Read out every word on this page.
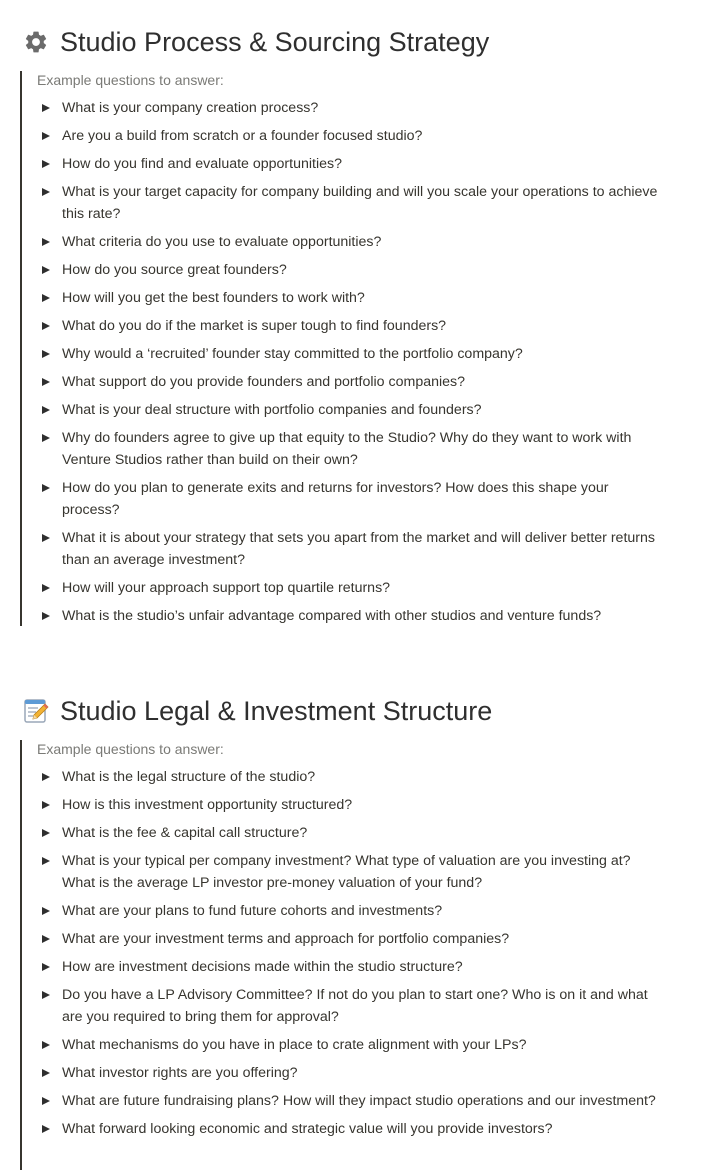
Studio Process & Sourcing Strategy
Example questions to answer:
What is your company creation process?
Are you a build from scratch or a founder focused studio?
How do you find and evaluate opportunities?
What is your target capacity for company building and will you scale your operations to achieve this rate?
What criteria do you use to evaluate opportunities?
How do you source great founders?
How will you get the best founders to work with?
What do you do if the market is super tough to find founders?
Why would a ‘recruited’ founder stay committed to the portfolio company?
What support do you provide founders and portfolio companies?
What is your deal structure with portfolio companies and founders?
Why do founders agree to give up that equity to the Studio? Why do they want to work with Venture Studios rather than build on their own?
How do you plan to generate exits and returns for investors? How does this shape your process?
What it is about your strategy that sets you apart from the market and will deliver better returns than an average investment?
How will your approach support top quartile returns?
What is the studio’s unfair advantage compared with other studios and venture funds?
Studio Legal & Investment Structure
Example questions to answer:
What is the legal structure of the studio?
How is this investment opportunity structured?
What is the fee & capital call structure?
What is your typical per company investment? What type of valuation are you investing at? What is the average LP investor pre-money valuation of your fund?
What are your plans to fund future cohorts and investments?
What are your investment terms and approach for portfolio companies?
How are investment decisions made within the studio structure?
Do you have a LP Advisory Committee? If not do you plan to start one? Who is on it and what are you required to bring them for approval?
What mechanisms do you have in place to crate alignment with your LPs?
What investor rights are you offering?
What are future fundraising plans? How will they impact studio operations and our investment?
What forward looking economic and strategic value will you provide investors?
